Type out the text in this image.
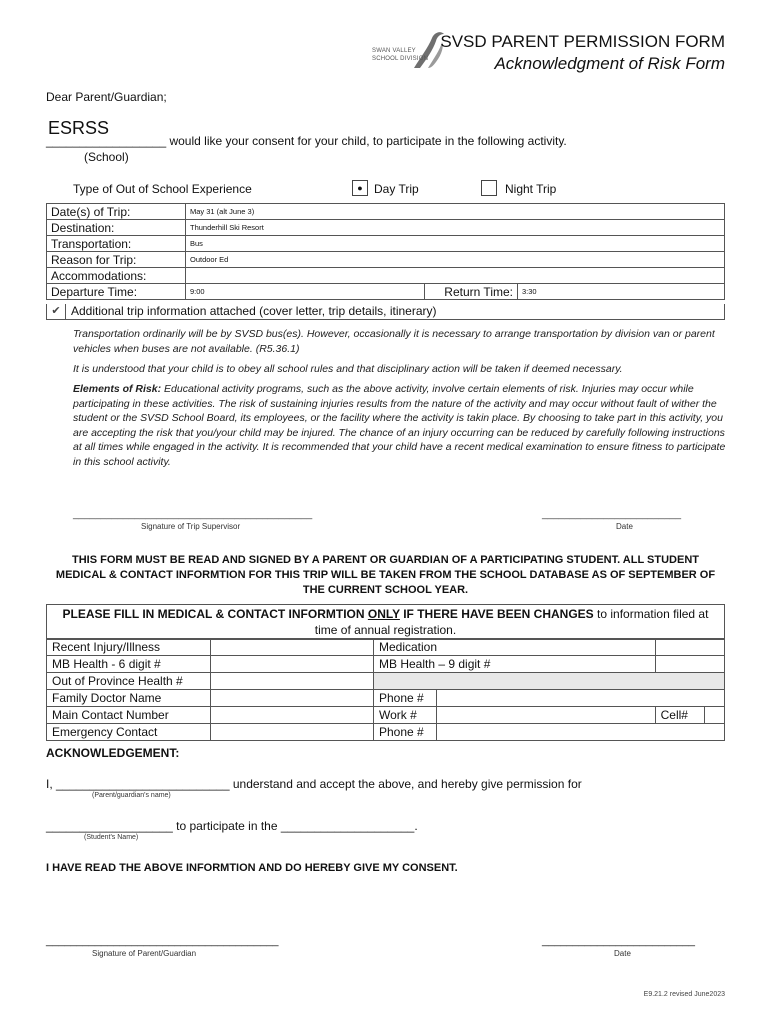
SWAN VALLEY
SCHOOL DIVISION
SVSD PARENT PERMISSION FORM
Acknowledgment of Risk Form
Dear Parent/Guardian;
ESRSS
__________________ would like your consent for your child, to participate in the following activity.
(School)
Type of Out of School Experience	● Day Trip	Night Trip
Date(s) of Trip:	May 31 (alt June 3)		
Destination:	Thunderhill Ski Resort		
Transportation:	Bus		
Reason for Trip:	Outdoor Ed		
Accommodations:			
Departure Time:	9:00	Return Time:	3:30
✔ Additional trip information attached (cover letter, trip details, itinerary)
Transportation ordinarily will be by SVSD bus(es). However, occasionally it is necessary to arrange transportation by division van or parent vehicles when buses are not available. (R5.36.1)
It is understood that your child is to obey all school rules and that disciplinary action will be taken if deemed necessary.
Elements of Risk: Educational activity programs, such as the above activity, involve certain elements of risk. Injuries may occur while participating in these activities. The risk of sustaining injuries results from the nature of the activity and may occur without fault of wither the student or the SVSD School Board, its employees, or the facility where the activity is takin place. By choosing to take part in this activity, you are accepting the risk that you/your child may be injured. The chance of an injury occurring can be reduced by carefully following instructions at all times while engaged in the activity. It is recommended that your child have a recent medical examination to ensure fitness to participate in this school activity.
___________________________________________
Signature of Trip Supervisor
_________________________
Date
THIS FORM MUST BE READ AND SIGNED BY A PARENT OR GUARDIAN OF A PARTICIPATING STUDENT. ALL STUDENT MEDICAL & CONTACT INFORMTION FOR THIS TRIP WILL BE TAKEN FROM THE SCHOOL DATABASE AS OF SEPTEMBER OF THE CURRENT SCHOOL YEAR.
PLEASE FILL IN MEDICAL & CONTACT INFORMTION ONLY IF THERE HAVE BEEN CHANGES to information filed at time of annual registration.
Recent Injury/Illness		Medication			
MB Health - 6 digit #		MB Health – 9 digit #			
Out of Province Health #					
Family Doctor Name		Phone #			
Main Contact Number		Work #		Cell#	
Emergency Contact		Phone #			
ACKNOWLEDGEMENT:
I, __________________________ understand and accept the above, and hereby give permission for
(Parent/guardian's name)
___________________ to participate in the ____________________.
(Student's Name)
I HAVE READ THE ABOVE INFORMTION AND DO HEREBY GIVE MY CONSENT.
______________________________________
Signature of Parent/Guardian
_________________________
Date
E9.21.2 revised June2023
